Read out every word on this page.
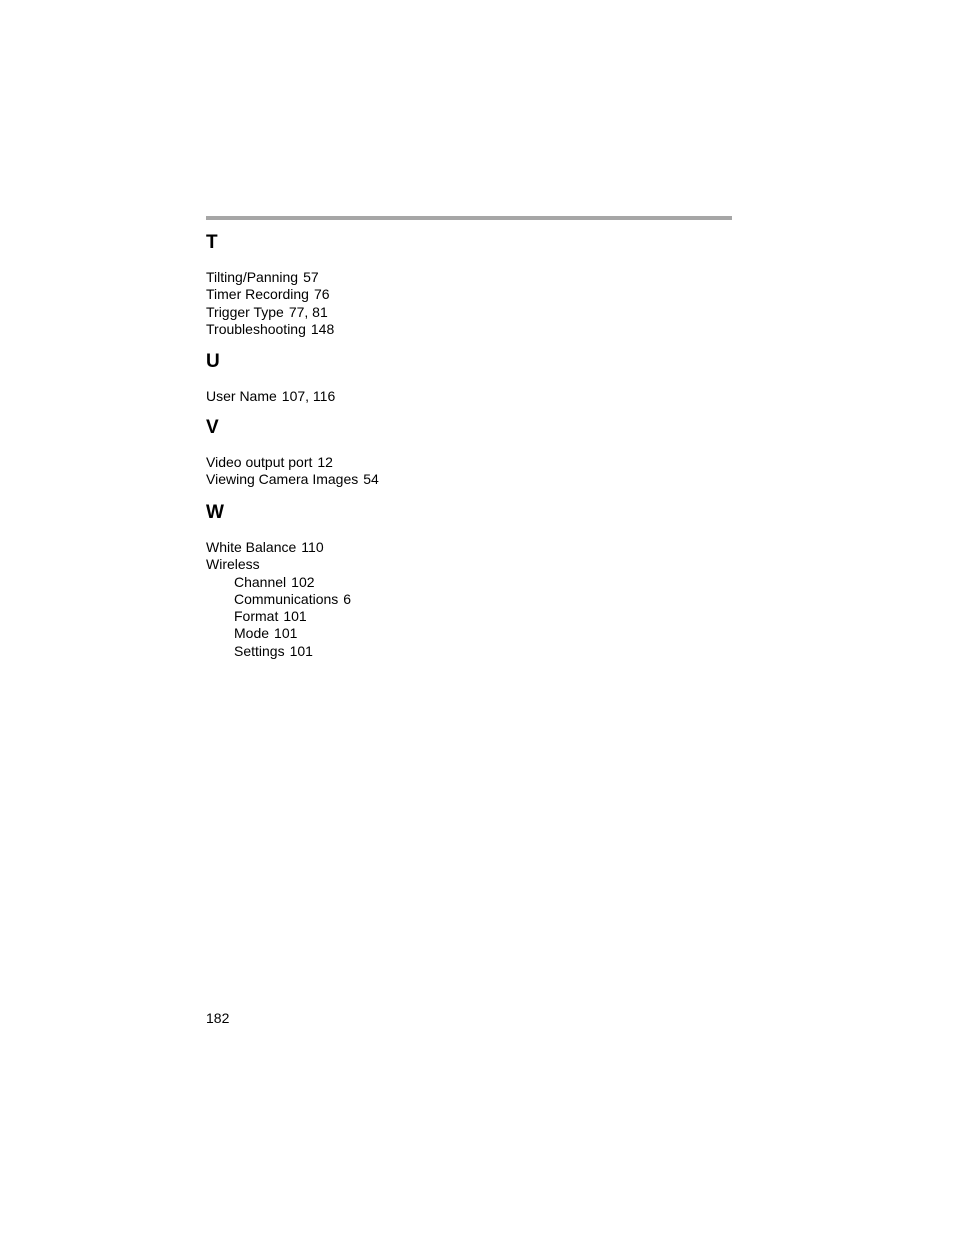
T
Tilting/Panning 57
Timer Recording 76
Trigger Type 77, 81
Troubleshooting 148
U
User Name 107, 116
V
Video output port 12
Viewing Camera Images 54
W
White Balance 110
Wireless
Channel 102
Communications 6
Format 101
Mode 101
Settings 101
182
